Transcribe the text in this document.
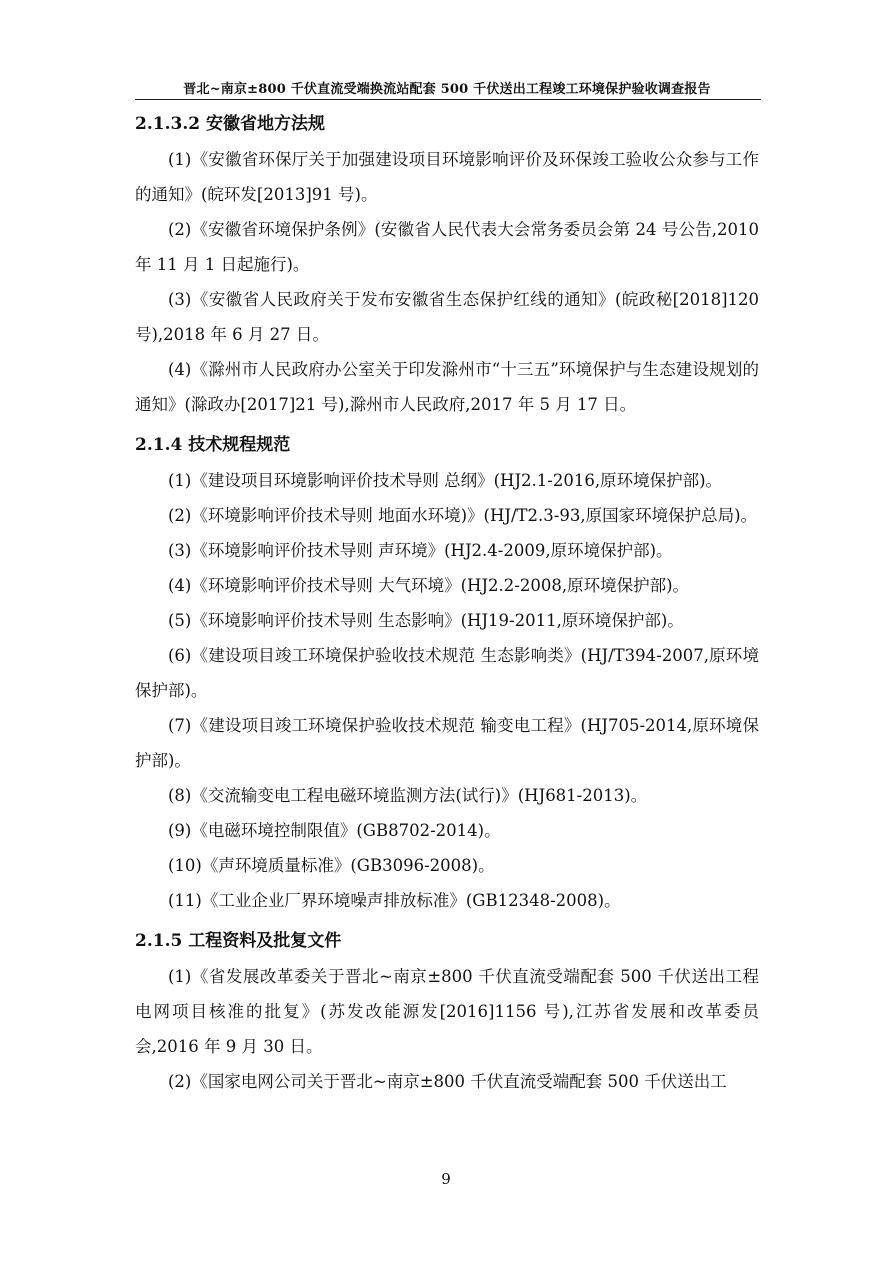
晋北~南京±800 千伏直流受端换流站配套 500 千伏送出工程竣工环境保护验收调查报告
2.1.3.2 安徽省地方法规
(1)《安徽省环保厅关于加强建设项目环境影响评价及环保竣工验收公众参与工作的通知》(皖环发[2013]91 号)。
(2)《安徽省环境保护条例》(安徽省人民代表大会常务委员会第 24 号公告,2010 年 11 月 1 日起施行)。
(3)《安徽省人民政府关于发布安徽省生态保护红线的通知》(皖政秘[2018]120 号),2018 年 6 月 27 日。
(4)《滁州市人民政府办公室关于印发滁州市“十三五”环境保护与生态建设规划的通知》(滁政办[2017]21 号),滁州市人民政府,2017 年 5 月 17 日。
2.1.4 技术规程规范
(1)《建设项目环境影响评价技术导则 总纲》(HJ2.1-2016,原环境保护部)。
(2)《环境影响评价技术导则 地面水环境)》(HJ/T2.3-93,原国家环境保护总局)。
(3)《环境影响评价技术导则 声环境》(HJ2.4-2009,原环境保护部)。
(4)《环境影响评价技术导则 大气环境》(HJ2.2-2008,原环境保护部)。
(5)《环境影响评价技术导则 生态影响》(HJ19-2011,原环境保护部)。
(6)《建设项目竣工环境保护验收技术规范 生态影响类》(HJ/T394-2007,原环境保护部)。
(7)《建设项目竣工环境保护验收技术规范 输变电工程》(HJ705-2014,原环境保护部)。
(8)《交流输变电工程电磁环境监测方法(试行)》(HJ681-2013)。
(9)《电磁环境控制限值》(GB8702-2014)。
(10)《声环境质量标准》(GB3096-2008)。
(11)《工业企业厂界环境噪声排放标准》(GB12348-2008)。
2.1.5 工程资料及批复文件
(1)《省发展改革委关于晋北~南京±800 千伏直流受端配套 500 千伏送出工程电网项目核准的批复》(苏发改能源发[2016]1156 号),江苏省发展和改革委员会,2016 年 9 月 30 日。
(2)《国家电网公司关于晋北~南京±800 千伏直流受端配套 500 千伏送出工
9
